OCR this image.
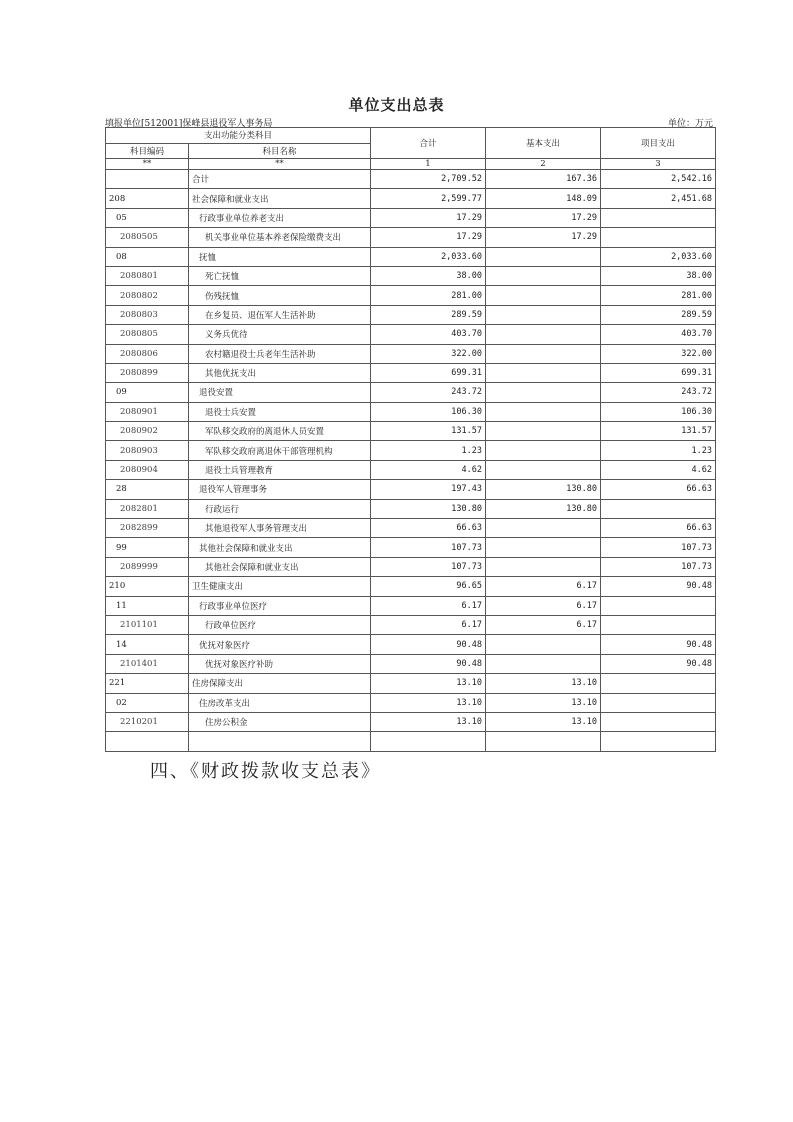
单位支出总表
填报单位[512001]保峰县退役军人事务局	单位：万元
支出功能分类科目		合计	基本支出	项目支出
科目编码	科目名称			
**	**	1	2	3
	合计	2,709.52	167.36	2,542.16
208	社会保障和就业支出	2,599.77	148.09	2,451.68
05	行政事业单位养老支出	17.29	17.29	
2080505	机关事业单位基本养老保险缴费支出	17.29	17.29	
08	抚恤	2,033.60		2,033.60
2080801	死亡抚恤	38.00		38.00
2080802	伤残抚恤	281.00		281.00
2080803	在乡复员、退伍军人生活补助	289.59		289.59
2080805	义务兵优待	403.70		403.70
2080806	农村籍退役士兵老年生活补助	322.00		322.00
2080899	其他优抚支出	699.31		699.31
09	退役安置	243.72		243.72
2080901	退役士兵安置	106.30		106.30
2080902	军队移交政府的离退休人员安置	131.57		131.57
2080903	军队移交政府离退休干部管理机构	1.23		1.23
2080904	退役士兵管理教育	4.62		4.62
28	退役军人管理事务	197.43	130.80	66.63
2082801	行政运行	130.80	130.80	
2082899	其他退役军人事务管理支出	66.63		66.63
99	其他社会保障和就业支出	107.73		107.73
2089999	其他社会保障和就业支出	107.73		107.73
210	卫生健康支出	96.65	6.17	90.48
11	行政事业单位医疗	6.17	6.17	
2101101	行政单位医疗	6.17	6.17	
14	优抚对象医疗	90.48		90.48
2101401	优抚对象医疗补助	90.48		90.48
221	住房保障支出	13.10	13.10	
02	住房改革支出	13.10	13.10	
2210201	住房公积金	13.10	13.10	

四、《财政拨款收支总表》
